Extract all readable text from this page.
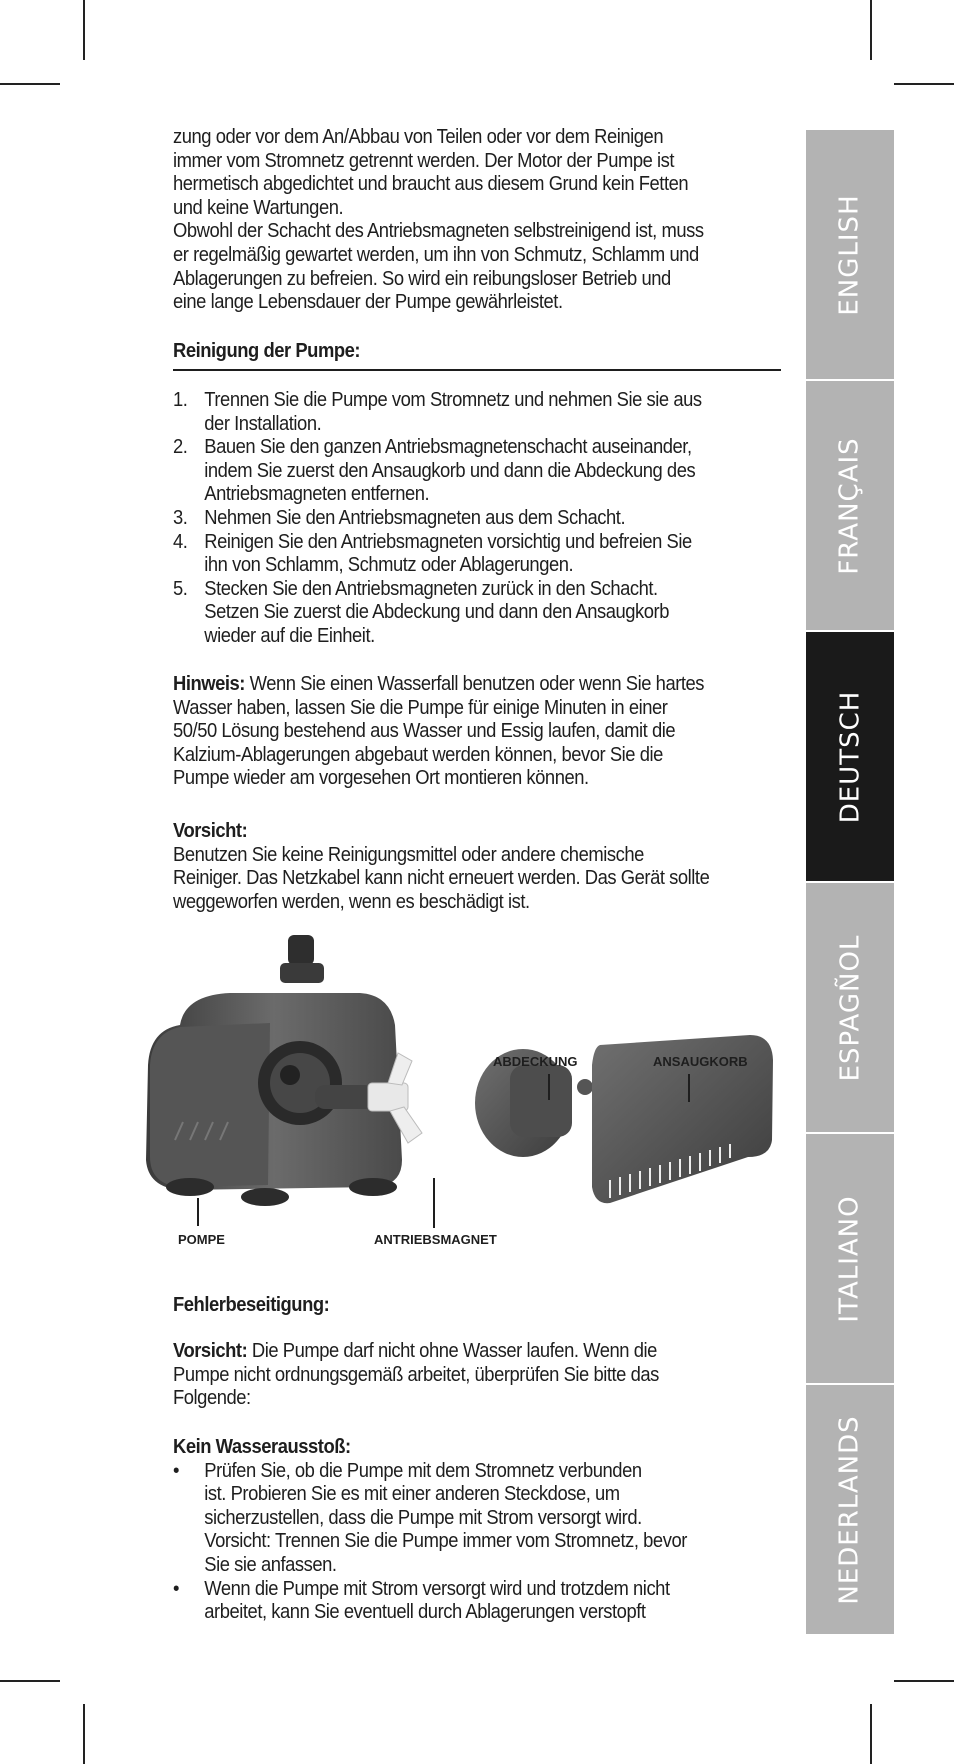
zung oder vor dem An/Abbau von Teilen oder vor dem Reinigen

immer vom Stromnetz getrennt werden. Der Motor der Pumpe ist

hermetisch abgedichtet und braucht aus diesem Grund kein Fetten

und keine Wartungen.

Obwohl der Schacht des Antriebsmagneten selbstreinigend ist, muss

er regelmäßig gewartet werden, um ihn von Schmutz, Schlamm und

Ablagerungen zu befreien. So wird ein reibungsloser Betrieb und

eine lange Lebensdauer der Pumpe gewährleistet.

Reinigung der Pumpe:

1. Trennen Sie die Pumpe vom Stromnetz und nehmen Sie sie aus

der Installation.

2. Bauen Sie den ganzen Antriebsmagnetenschacht auseinander,

indem Sie zuerst den Ansaugkorb und dann die Abdeckung des

Antriebsmagneten entfernen.

3. Nehmen Sie den Antriebsmagneten aus dem Schacht.

4. Reinigen Sie den Antriebsmagneten vorsichtig und befreien Sie

ihn von Schlamm, Schmutz oder Ablagerungen.

5. Stecken Sie den Antriebsmagneten zurück in den Schacht.

Setzen Sie zuerst die Abdeckung und dann den Ansaugkorb

wieder auf die Einheit.

Hinweis: Wenn Sie einen Wasserfall benutzen oder wenn Sie hartes

Wasser haben, lassen Sie die Pumpe für einige Minuten in einer

50/50 Lösung bestehend aus Wasser und Essig laufen, damit die

Kalzium-Ablagerungen abgebaut werden können, bevor Sie die

Pumpe wieder am vorgesehen Ort montieren können.

Vorsicht:

Benutzen Sie keine Reinigungsmittel oder andere chemische

Reiniger. Das Netzkabel kann nicht erneuert werden. Das Gerät sollte

weggeworfen werden, wenn es beschädigt ist.

ABDECKUNG	ANSAUGKORB
POMPE	ANTRIEBSMAGNET

Fehlerbeseitigung:

Vorsicht: Die Pumpe darf nicht ohne Wasser laufen. Wenn die

Pumpe nicht ordnungsgemäß arbeitet, überprüfen Sie bitte das

Folgende:

Kein Wasserausstoß:

• Prüfen Sie, ob die Pumpe mit dem Stromnetz verbunden

ist. Probieren Sie es mit einer anderen Steckdose, um

sicherzustellen, dass die Pumpe mit Strom versorgt wird.

Vorsicht: Trennen Sie die Pumpe immer vom Stromnetz, bevor

Sie sie anfassen.

• Wenn die Pumpe mit Strom versorgt wird und trotzdem nicht

arbeitet, kann Sie eventuell durch Ablagerungen verstopft

ENGLISH
FRANÇAIS
DEUTSCH
ESPAGÑOL
ITALIANO
NEDERLANDS
